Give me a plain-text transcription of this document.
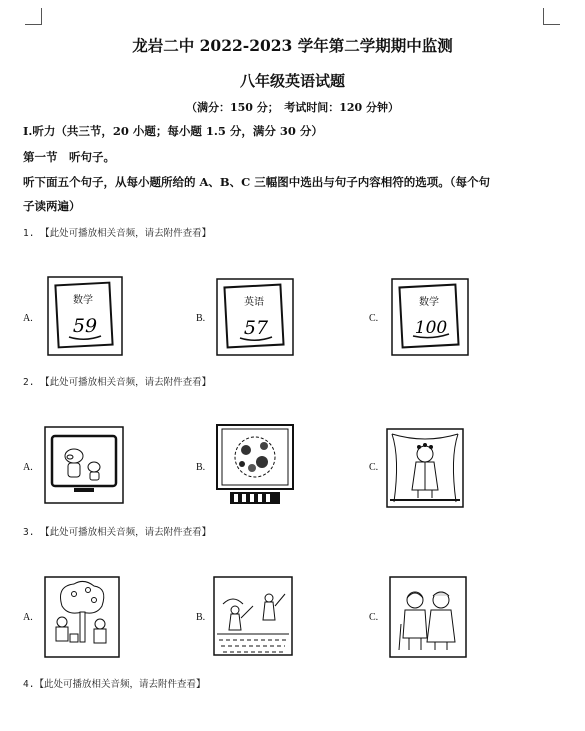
龙岩二中 2022-2023 学年第二学期期中监测
八年级英语试题
（满分：150 分；　考试时间：120 分钟）
I.听力（共三节，20 小题；每小题 1.5 分，满分 30 分）
第一节　听句子。
听下面五个句子，从每小题所给的 A、B、C 三幅图中选出与句子内容相符的选项。（每个句
子读两遍）
1. 【此处可播放相关音频，请去附件查看】
A.
数学
59	B.
英语
57	C.
数学
100
2. 【此处可播放相关音频，请去附件查看】
A.	B.	C.
3. 【此处可播放相关音频，请去附件查看】
A.	B.	C.
4.【此处可播放相关音频，请去附件查看】
